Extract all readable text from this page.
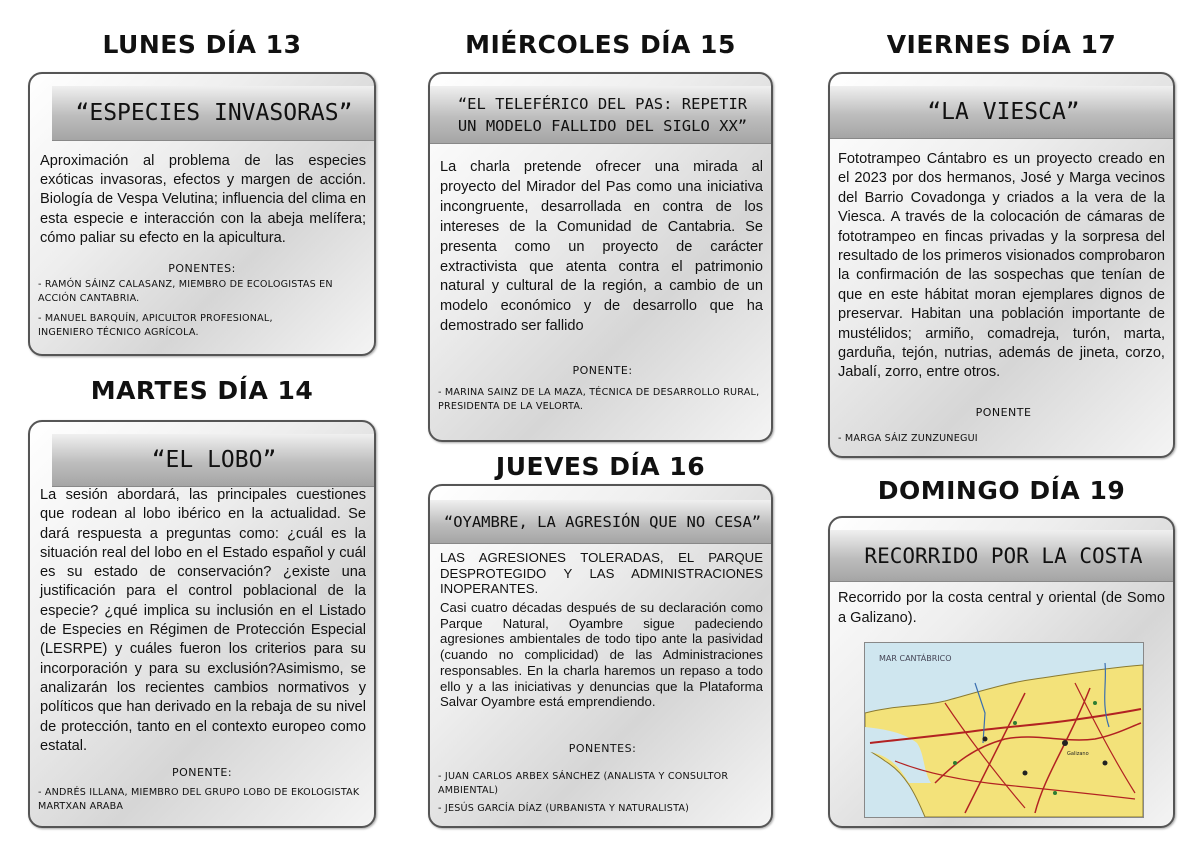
LUNES DÍA 13
“ESPECIES INVASORAS”
Aproximación al problema de las especies exóticas invasoras, efectos y margen de acción. Biología de Vespa Velutina; influencia del clima en esta especie e interacción con la abeja melífera; cómo paliar su efecto en la apicultura.
PONENTES:
- RAMÓN SÁINZ CALASANZ, MIEMBRO DE ECOLOGISTAS EN ACCIÓN CANTABRIA.
- MANUEL BARQUÍN, APICULTOR PROFESIONAL, INGENIERO TÉCNICO AGRÍCOLA.
MARTES DÍA 14
“EL LOBO”
La sesión abordará, las principales cuestiones que rodean al lobo ibérico en la actualidad. Se dará respuesta a preguntas como: ¿cuál es la situación real del lobo en el Estado español y cuál es su estado de conservación? ¿existe una justificación para el control poblacional de la especie? ¿qué implica su inclusión en el Listado de Especies en Régimen de Protección Especial (LESRPE) y cuáles fueron los criterios para su incorporación y para su exclusión?Asimismo, se analizarán los recientes cambios normativos y políticos que han derivado en la rebaja de su nivel de protección, tanto en el contexto europeo como estatal.
PONENTE:
- ANDRÉS ILLANA, MIEMBRO DEL GRUPO LOBO DE EKOLOGISTAK MARTXAN ARABA
MIÉRCOLES DÍA 15
“EL TELEFÉRICO DEL PAS: REPETIR
UN MODELO FALLIDO DEL SIGLO XX”
La charla pretende ofrecer una mirada al proyecto del Mirador del Pas como una iniciativa incongruente, desarrollada en contra de los intereses de la Comunidad de Cantabria. Se presenta como un proyecto de carácter extractivista que atenta contra el patrimonio natural y cultural de la región, a cambio de un modelo económico y de desarrollo que ha demostrado ser fallido
PONENTE:
- MARINA SAINZ DE LA MAZA, TÉCNICA DE DESARROLLO RURAL, PRESIDENTA DE LA VELORTA.
JUEVES DÍA 16
“OYAMBRE, LA AGRESIÓN QUE NO CESA”
LAS AGRESIONES TOLERADAS, EL PARQUE DESPROTEGIDO Y LAS ADMINISTRACIONES INOPERANTES.
Casi cuatro décadas después de su declaración como Parque Natural, Oyambre sigue padeciendo agresiones ambientales de todo tipo ante la pasividad (cuando no complicidad) de las Administraciones responsables. En la charla haremos un repaso a todo ello y a las iniciativas y denuncias que la Plataforma Salvar Oyambre está emprendiendo.
PONENTES:
- JUAN CARLOS ARBEX SÁNCHEZ (ANALISTA Y CONSULTOR AMBIENTAL)
- JESÚS GARCÍA DÍAZ (URBANISTA Y NATURALISTA)
VIERNES DÍA 17
“LA VIESCA”
Fototrampeo Cántabro es un proyecto creado en el 2023 por dos hermanos, José y Marga vecinos del Barrio Covadonga y criados a la vera de la Viesca. A través de la colocación de cámaras de fototrampeo en fincas privadas y la sorpresa del resultado de los primeros visionados comprobaron la confirmación de las sospechas que tenían de que en este hábitat moran ejemplares dignos de preservar. Habitan una población importante de mustélidos; armiño, comadreja, turón, marta, garduña, tejón, nutrias, además de jineta, corzo, Jabalí, zorro, entre otros.
PONENTE
- MARGA SÁIZ ZUNZUNEGUI
DOMINGO DÍA 19
RECORRIDO POR LA COSTA
Recorrido por la costa central y oriental (de Somo a Galizano).
MAR CANTÁBRICO
Galizano
